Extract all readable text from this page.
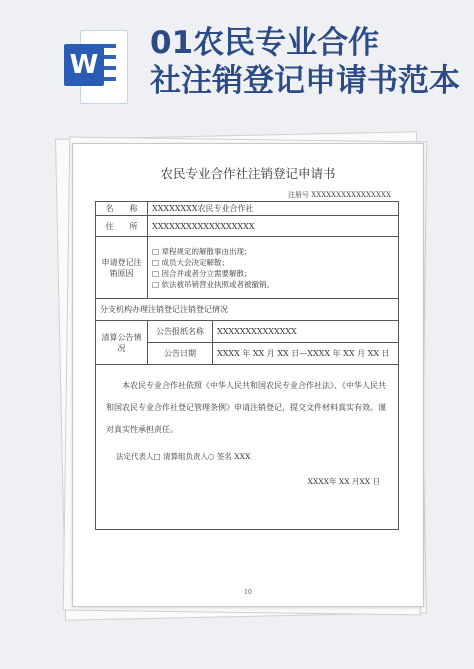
W
01农民专业合作
社注销登记申请书范本
农民专业合作社注销登记申请书
注册号 XXXXXXXXXXXXXXXX
名　　称	XXXXXXXX农民专业合作社	
住　　所	XXXXXXXXXXXXXXXXXX	
申请登记注销原因	□ 章程规定的解散事由出现；
□ 成员大会决定解散；
□ 因合并或者分立需要解散；
□ 依法被吊销营业执照或者被撤销。	

分支机构办理注销登记注销登记情况		
清算公告情况	公告报纸名称	XXXXXXXXXXXXXX
	公告日期	XXXX 年 XX 月 XX 日—XXXX 年 XX 月 XX 日

本农民专业合作社依照《中华人民共和国农民专业合作社法》、《中华人民共和国农民专业合作社登记管理条例》申请注销登记，提交文件材料真实有效。谨对真实性承担责任。
法定代表人□ 清算组负责人○ 签名 XXX
XXXX年 XX 月XX 日		
10
